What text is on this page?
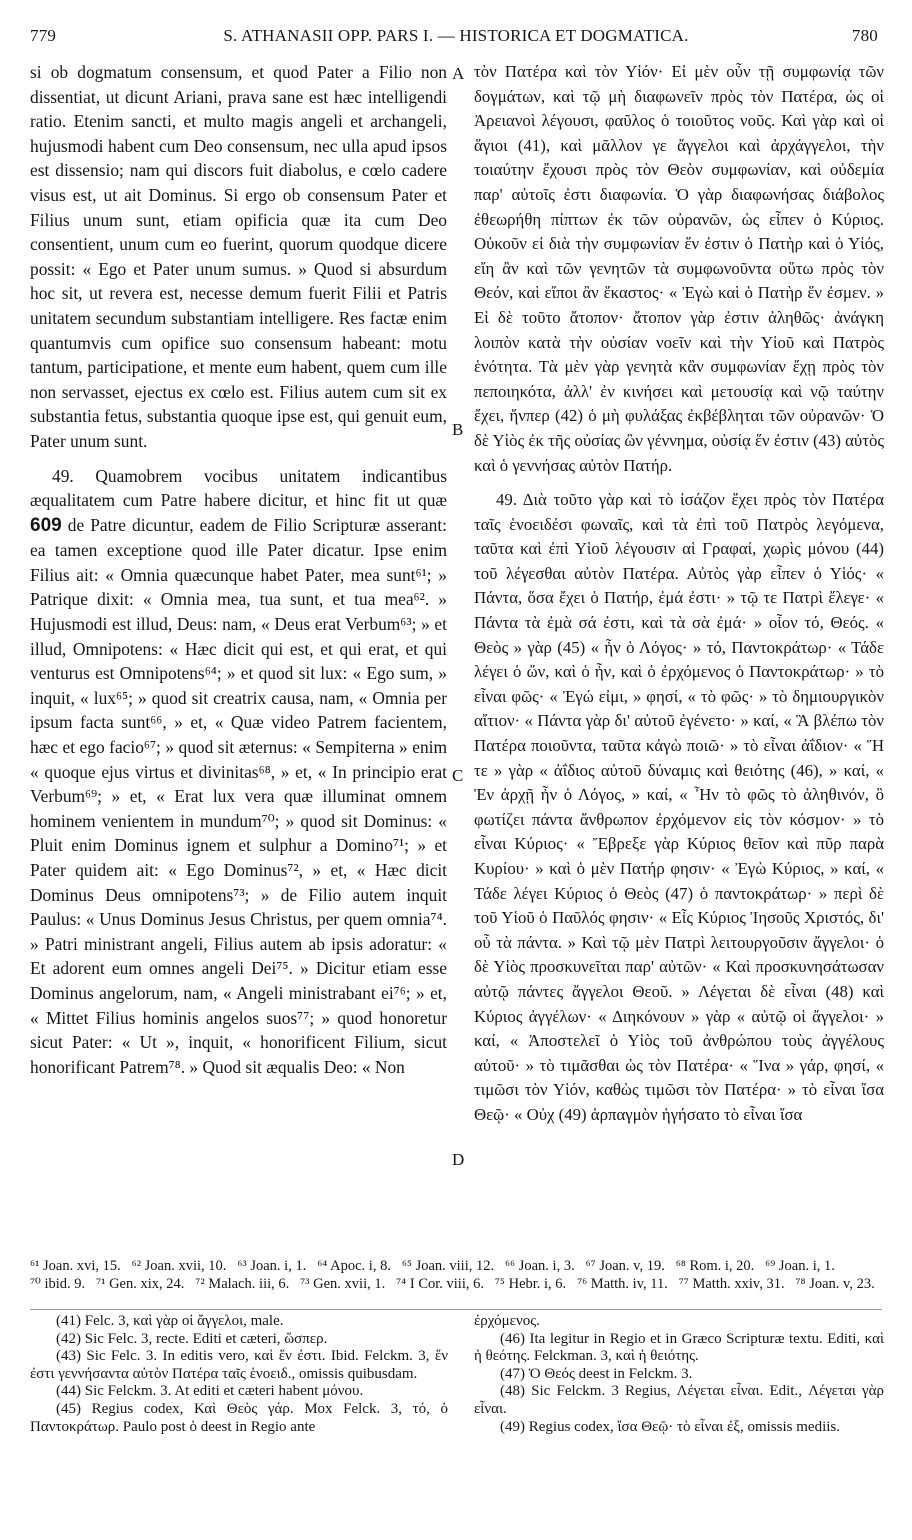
779	S. ATHANASII OPP. PARS I. — HISTORICA ET DOGMATICA.	780
A
B
C
D

si ob dogmatum consensum, et quod Pater a Filio non dissentiat, ut dicunt Ariani, prava sane est hæc intelligendi ratio. Etenim sancti, et multo magis angeli et archangeli, hujusmodi habent cum Deo consensum, nec ulla apud ipsos est dissensio; nam qui discors fuit diabolus, e cœlo cadere visus est, ut ait Dominus. Si ergo ob consensum Pater et Filius unum sunt, etiam opificia quæ ita cum Deo consentient, unum cum eo fuerint, quorum quodque dicere possit: « Ego et Pater unum sumus. » Quod si absurdum hoc sit, ut revera est, necesse demum fuerit Filii et Patris unitatem secundum substantiam intelligere. Res factæ enim quantumvis cum opifice suo consensum habeant: motu tantum, participatione, et mente eum habent, quem cum ille non servasset, ejectus ex cœlo est. Filius autem cum sit ex substantia fetus, substantia quoque ipse est, qui genuit eum, Pater unum sunt.

49. Quamobrem vocibus unitatem indicantibus æqualitatem cum Patre habere dicitur, et hinc fit ut quæ 609 de Patre dicuntur, eadem de Filio Scripturæ asserant: ea tamen exceptione quod ille Pater dicatur. Ipse enim Filius ait: « Omnia quæcunque habet Pater, mea sunt⁶¹; » Patrique dixit: « Omnia mea, tua sunt, et tua mea⁶². » Hujusmodi est illud, Deus: nam, « Deus erat Verbum⁶³; » et illud, Omnipotens: « Hæc dicit qui est, et qui erat, et qui venturus est Omnipotens⁶⁴; » et quod sit lux: « Ego sum, » inquit, « lux⁶⁵; » quod sit creatrix causa, nam, « Omnia per ipsum facta sunt⁶⁶, » et, « Quæ video Patrem facientem, hæc et ego facio⁶⁷; » quod sit æternus: « Sempiterna » enim « quoque ejus virtus et divinitas⁶⁸, » et, « In principio erat Verbum⁶⁹; » et, « Erat lux vera quæ illuminat omnem hominem venientem in mundum⁷⁰; » quod sit Dominus: « Pluit enim Dominus ignem et sulphur a Domino⁷¹; » et Pater quidem ait: « Ego Dominus⁷², » et, « Hæc dicit Dominus Deus omnipotens⁷³; » de Filio autem inquit Paulus: « Unus Dominus Jesus Christus, per quem omnia⁷⁴. » Patri ministrant angeli, Filius autem ab ipsis adoratur: « Et adorent eum omnes angeli Dei⁷⁵. » Dicitur etiam esse Dominus angelorum, nam, « Angeli ministrabant ei⁷⁶; » et, « Mittet Filius hominis angelos suos⁷⁷; » quod honoretur sicut Pater: « Ut », inquit, « honorificent Filium, sicut honorificant Patrem⁷⁸. » Quod sit æqualis Deo: « Non

τὸν Πατέρα καὶ τὸν Υἱόν· Εἰ μὲν οὖν τῇ συμφωνίᾳ τῶν δογμάτων, καὶ τῷ μὴ διαφωνεῖν πρὸς τὸν Πατέρα, ὡς οἱ Ἀρειανοὶ λέγουσι, φαῦλος ὁ τοιοῦτος νοῦς. Καὶ γὰρ καὶ οἱ ἅγιοι (41), καὶ μᾶλλον γε ἄγγελοι καὶ ἀρχάγγελοι, τὴν τοιαύτην ἔχουσι πρὸς τὸν Θεὸν συμφωνίαν, καὶ οὐδεμία παρ' αὐτοῖς ἐστι διαφωνία. Ὁ γὰρ διαφωνήσας διάβολος ἐθεωρήθη πίπτων ἐκ τῶν οὐρανῶν, ὡς εἶπεν ὁ Κύριος. Οὐκοῦν εἰ διὰ τὴν συμφωνίαν ἕν ἐστιν ὁ Πατὴρ καὶ ὁ Υἱός, εἴη ἂν καὶ τῶν γενητῶν τὰ συμφωνοῦντα οὕτω πρὸς τὸν Θεόν, καὶ εἴποι ἂν ἕκαστος· « Ἐγὼ καὶ ὁ Πατὴρ ἕν ἐσμεν. » Εἰ δὲ τοῦτο ἄτοπον· ἄτοπον γὰρ ἐστιν ἀληθῶς· ἀνάγκη λοιπὸν κατὰ τὴν οὐσίαν νοεῖν καὶ τὴν Υἱοῦ καὶ Πατρὸς ἑνότητα. Τὰ μὲν γὰρ γενητὰ κἂν συμφωνίαν ἔχῃ πρὸς τὸν πεποιηκότα, ἀλλ' ἐν κινήσει καὶ μετουσίᾳ καὶ νῷ ταύτην ἔχει, ἥνπερ (42) ὁ μὴ φυλάξας ἐκβέβληται τῶν οὐρανῶν· Ὁ δὲ Υἱὸς ἐκ τῆς οὐσίας ὢν γέννημα, οὐσίᾳ ἕν ἐστιν (43) αὐτὸς καὶ ὁ γεννήσας αὐτὸν Πατήρ.

49. Διὰ τοῦτο γὰρ καὶ τὸ ἰσάζον ἔχει πρὸς τὸν Πατέρα ταῖς ἑνοειδέσι φωναῖς, καὶ τὰ ἐπὶ τοῦ Πατρὸς λεγόμενα, ταῦτα καὶ ἐπὶ Υἱοῦ λέγουσιν αἱ Γραφαί, χωρὶς μόνου (44) τοῦ λέγεσθαι αὐτὸν Πατέρα. Αὐτὸς γὰρ εἶπεν ὁ Υἱός· « Πάντα, ὅσα ἔχει ὁ Πατήρ, ἐμά ἐστι· » τῷ τε Πατρὶ ἔλεγε· « Πάντα τὰ ἐμὰ σά ἐστι, καὶ τὰ σὰ ἐμά· » οἷον τό, Θεός. « Θεὸς » γὰρ (45) « ἦν ὁ Λόγος· » τό, Παντοκράτωρ· « Τάδε λέγει ὁ ὤν, καὶ ὁ ἦν, καὶ ὁ ἐρχόμενος ὁ Παντοκράτωρ· » τὸ εἶναι φῶς· « Ἐγώ εἰμι, » φησί, « τὸ φῶς· » τὸ δημιουργικὸν αἴτιον· « Πάντα γὰρ δι' αὐτοῦ ἐγένετο· » καί, « Ἃ βλέπω τὸν Πατέρα ποιοῦντα, ταῦτα κἀγὼ ποιῶ· » τὸ εἶναι ἀΐδιον· « Ἥ τε » γὰρ « ἀΐδιος αὐτοῦ δύναμις καὶ θειότης (46), » καί, « Ἐν ἀρχῇ ἦν ὁ Λόγος, » καί, « Ἦν τὸ φῶς τὸ ἀληθινόν, ὃ φωτίζει πάντα ἄνθρωπον ἐρχόμενον εἰς τὸν κόσμον· » τὸ εἶναι Κύριος· « Ἔβρεξε γὰρ Κύριος θεῖον καὶ πῦρ παρὰ Κυρίου· » καὶ ὁ μὲν Πατήρ φησιν· « Ἐγὼ Κύριος, » καί, « Τάδε λέγει Κύριος ὁ Θεὸς (47) ὁ παντοκράτωρ· » περὶ δὲ τοῦ Υἱοῦ ὁ Παῦλός φησιν· « Εἷς Κύριος Ἰησοῦς Χριστός, δι' οὗ τὰ πάντα. » Καὶ τῷ μὲν Πατρὶ λειτουργοῦσιν ἄγγελοι· ὁ δὲ Υἱὸς προσκυνεῖται παρ' αὐτῶν· « Καὶ προσκυνησάτωσαν αὐτῷ πάντες ἄγγελοι Θεοῦ. » Λέγεται δὲ εἶναι (48) καὶ Κύριος ἀγγέλων· « Διηκόνουν » γὰρ « αὐτῷ οἱ ἄγγελοι· » καί, « Ἀποστελεῖ ὁ Υἱὸς τοῦ ἀνθρώπου τοὺς ἀγγέλους αὐτοῦ· » τὸ τιμᾶσθαι ὡς τὸν Πατέρα· « Ἵνα » γάρ, φησί, « τιμῶσι τὸν Υἱόν, καθὼς τιμῶσι τὸν Πατέρα· » τὸ εἶναι ἴσα Θεῷ· « Οὐχ (49) ἁρπαγμὸν ἡγήσατο τὸ εἶναι ἴσα

⁶¹ Joan. xvi, 15. ⁶² Joan. xvii, 10. ⁶³ Joan. i, 1. ⁶⁴ Apoc. i, 8. ⁶⁵ Joan. viii, 12. ⁶⁶ Joan. i, 3. ⁶⁷ Joan. v, 19. ⁶⁸ Rom. i, 20. ⁶⁹ Joan. i, 1.   ⁷⁰ ibid. 9. ⁷¹ Gen. xix, 24. ⁷² Malach. iii, 6. ⁷³ Gen. xvii, 1. ⁷⁴ I Cor. viii, 6. ⁷⁵ Hebr. i, 6. ⁷⁶ Matth. iv, 11. ⁷⁷ Matth. xxiv, 31. ⁷⁸ Joan. v, 23.

(41) Felc. 3, καὶ γὰρ οἱ ἄγγελοι, male.

(42) Sic Felc. 3, recte. Editi et cæteri, ὥσπερ.

(43) Sic Felc. 3. In editis vero, καὶ ἕν ἐστι. Ibid. Felckm. 3, ἕν ἐστι γεννήσαντα αὐτὸν Πατέρα ταῖς ἑνοειδ., omissis quibusdam.

(44) Sic Felckm. 3. At editi et cæteri habent μόνου.

(45) Regius codex, Καὶ Θεὸς γάρ. Mox Felck. 3, τό, ὁ Παντοκράτωρ. Paulo post ὁ deest in Regio ante

ἐρχόμενος.

(46) Ita legitur in Regio et in Græco Scripturæ textu. Editi, καὶ ἡ θεότης. Felckman. 3, καὶ ἡ θειότης.

(47) Ὁ Θεός deest in Felckm. 3.

(48) Sic Felckm. 3 Regius, Λέγεται εἶναι. Edit., Λέγεται γὰρ εἶναι.

(49) Regius codex, ἴσα Θεῷ· τὸ εἶναι ἐξ, omissis mediis.
